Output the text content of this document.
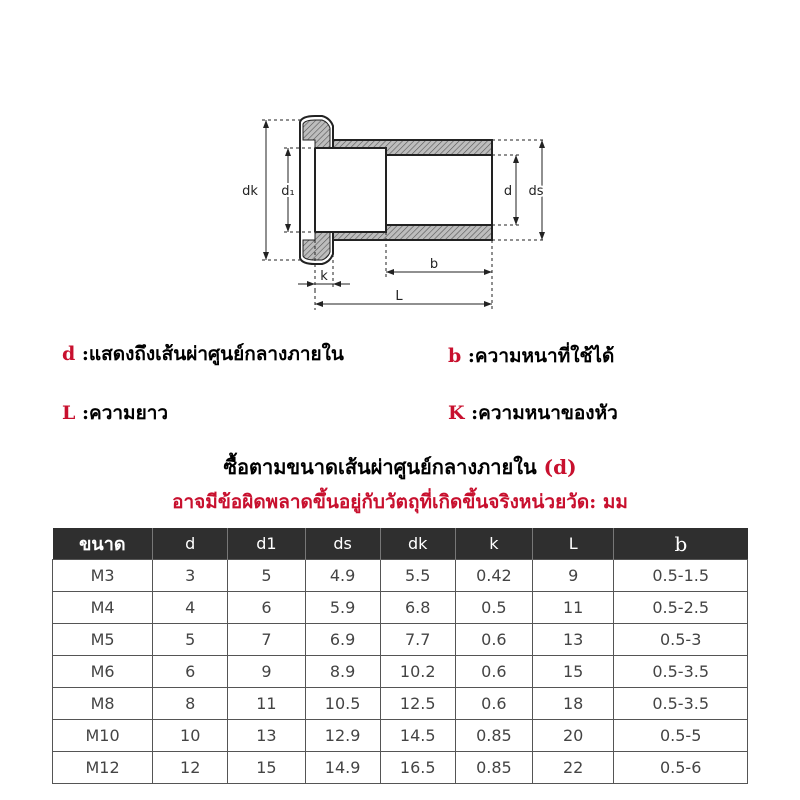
dk d₁	d ds
k
b
L
d :แสดงถึงเส้นผ่าศูนย์กลางภายใน	b :ความหนาที่ใช้ได้
L :ความยาว	K :ความหนาของหัว
ซื้อตามขนาดเส้นผ่าศูนย์กลางภายใน (d)
อาจมีข้อผิดพลาดขึ้นอยู่กับวัตถุที่เกิดขึ้นจริงหน่วยวัด: มม
ขนาด	d	d1	ds	dk	k	L	b
M3	3	5	4.9	5.5	0.42	9	0.5-1.5
M4	4	6	5.9	6.8	0.5	11	0.5-2.5
M5	5	7	6.9	7.7	0.6	13	0.5-3
M6	6	9	8.9	10.2	0.6	15	0.5-3.5
M8	8	11	10.5	12.5	0.6	18	0.5-3.5
M10	10	13	12.9	14.5	0.85	20	0.5-5
M12	12	15	14.9	16.5	0.85	22	0.5-6
